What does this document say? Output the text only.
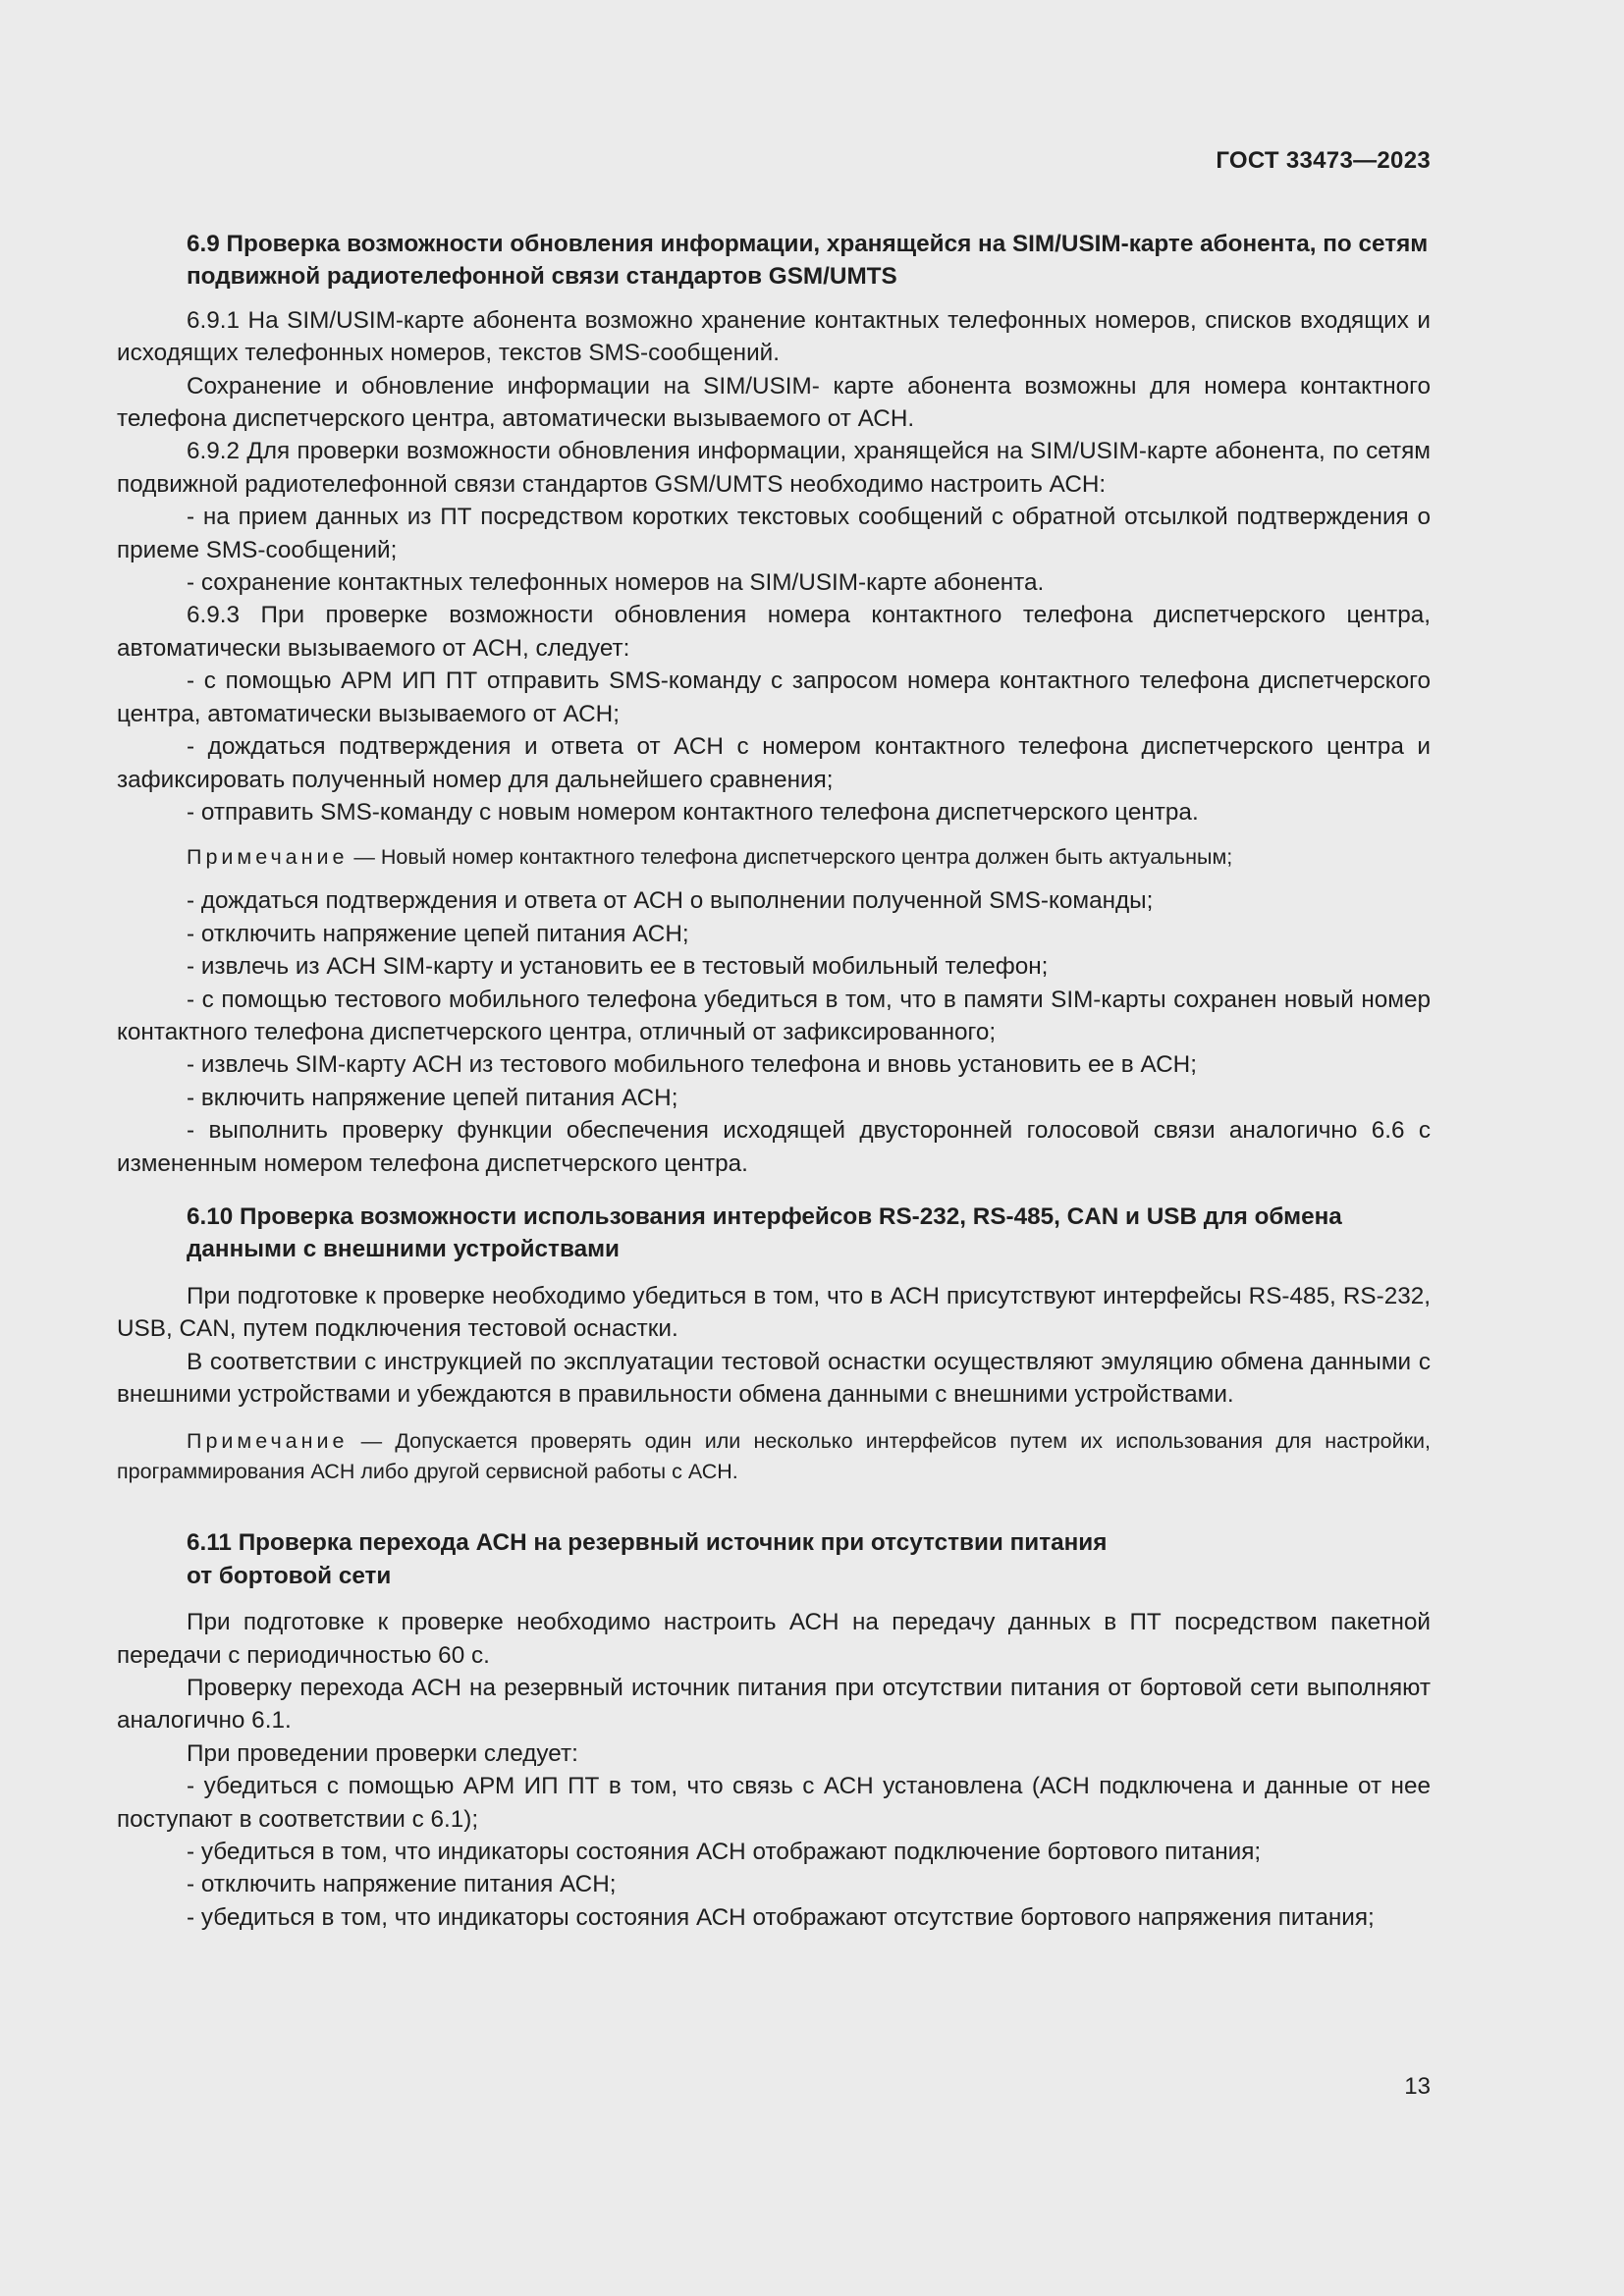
ГОСТ 33473—2023

6.9 Проверка возможности обновления информации, хранящейся на SIM/USIM-карте абонента, по сетям подвижной радиотелефонной связи стандартов GSM/UMTS

6.9.1 На SIM/USIM-карте абонента возможно хранение контактных телефонных номеров, списков входящих и исходящих телефонных номеров, текстов SMS-сообщений.

Сохранение и обновление информации на SIM/USIM- карте абонента возможны для номера контактного телефона диспетчерского центра, автоматически вызываемого от АСН.

6.9.2 Для проверки возможности обновления информации, хранящейся на SIM/USIM-карте абонента, по сетям подвижной радиотелефонной связи стандартов GSM/UMTS необходимо настроить АСН:

- на прием данных из ПТ посредством коротких текстовых сообщений с обратной отсылкой подтверждения о приеме SMS-сообщений;

- сохранение контактных телефонных номеров на SIM/USIM-карте абонента.

6.9.3 При проверке возможности обновления номера контактного телефона диспетчерского центра, автоматически вызываемого от АСН, следует:

- с помощью АРМ ИП ПТ отправить SMS-команду с запросом номера контактного телефона диспетчерского центра, автоматически вызываемого от АСН;

- дождаться подтверждения и ответа от АСН с номером контактного телефона диспетчерского центра и зафиксировать полученный номер для дальнейшего сравнения;

- отправить SMS-команду с новым номером контактного телефона диспетчерского центра.

Примечание — Новый номер контактного телефона диспетчерского центра должен быть актуальным;

- дождаться подтверждения и ответа от АСН о выполнении полученной SMS-команды;

- отключить напряжение цепей питания АСН;

- извлечь из АСН SIM-карту и установить ее в тестовый мобильный телефон;

- с помощью тестового мобильного телефона убедиться в том, что в памяти SIM-карты сохранен новый номер контактного телефона диспетчерского центра, отличный от зафиксированного;

- извлечь SIM-карту АСН из тестового мобильного телефона и вновь установить ее в АСН;

- включить напряжение цепей питания АСН;

- выполнить проверку функции обеспечения исходящей двусторонней голосовой связи аналогично 6.6 с измененным номером телефона диспетчерского центра.

6.10 Проверка возможности использования интерфейсов RS-232, RS-485, CAN и USB для обмена данными с внешними устройствами

При подготовке к проверке необходимо убедиться в том, что в АСН присутствуют интерфейсы RS-485, RS-232, USB, CAN, путем подключения тестовой оснастки.

В соответствии с инструкцией по эксплуатации тестовой оснастки осуществляют эмуляцию обмена данными с внешними устройствами и убеждаются в правильности обмена данными с внешними устройствами.

Примечание — Допускается проверять один или несколько интерфейсов путем их использования для настройки, программирования АСН либо другой сервисной работы с АСН.

6.11 Проверка перехода АСН на резервный источник при отсутствии питания
от бортовой сети

При подготовке к проверке необходимо настроить АСН на передачу данных в ПТ посредством пакетной передачи с периодичностью 60 с.

Проверку перехода АСН на резервный источник питания при отсутствии питания от бортовой сети выполняют аналогично 6.1.

При проведении проверки следует:

- убедиться с помощью АРМ ИП ПТ в том, что связь с АСН установлена (АСН подключена и данные от нее поступают в соответствии с 6.1);

- убедиться в том, что индикаторы состояния АСН отображают подключение бортового питания;

- отключить напряжение питания АСН;

- убедиться в том, что индикаторы состояния АСН отображают отсутствие бортового напряжения питания;

13
